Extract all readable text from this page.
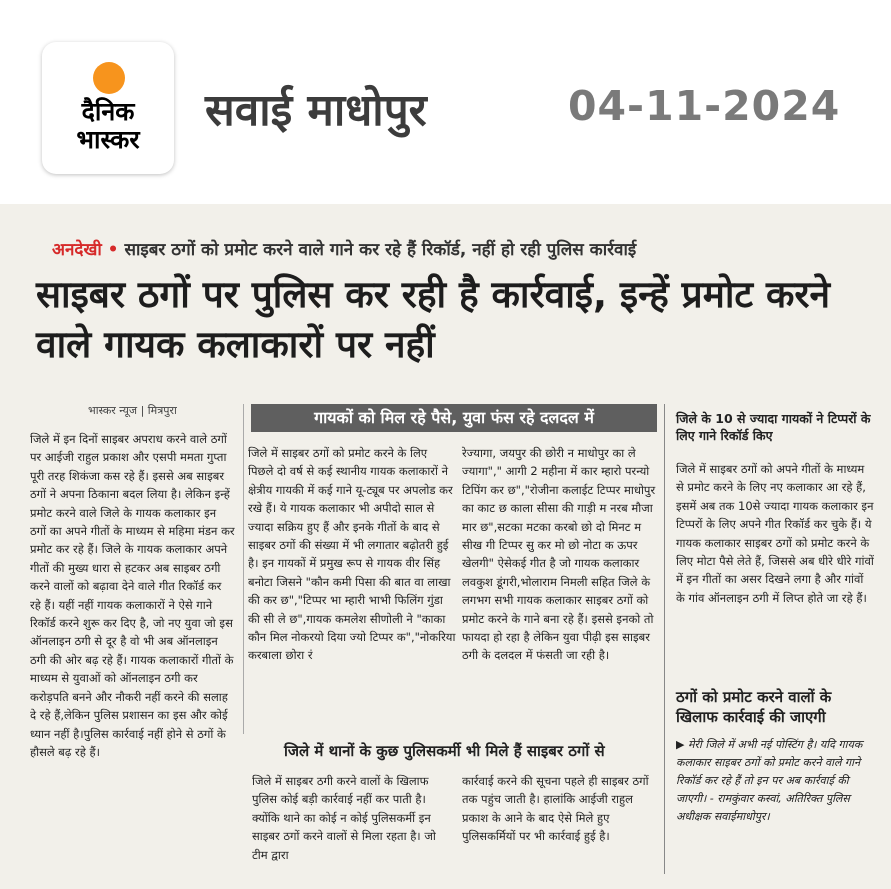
दैनिक
भास्कर
सवाई माधोपुर	04-11-2024
अनदेखी • साइबर ठगों को प्रमोट करने वाले गाने कर रहे हैं रिकॉर्ड, नहीं हो रही पुलिस कार्रवाई
साइबर ठगों पर पुलिस कर रही है कार्रवाई, इन्हें प्रमोट करने वाले गायक कलाकारों पर नहीं
भास्कर न्यूज | मित्रपुरा
जिले में इन दिनों साइबर अपराध करने वाले ठगों पर आईजी राहुल प्रकाश और एसपी ममता गुप्ता पूरी तरह शिकंजा कस रहे हैं। इससे अब साइबर ठगों ने अपना ठिकाना बदल लिया है। लेकिन इन्हें प्रमोट करने वाले जिले के गायक कलाकार इन ठगों का अपने गीतों के माध्यम से महिमा मंडन कर प्रमोट कर रहे हैं। जिले के गायक कलाकार अपने गीतों की मुख्य धारा से हटकर अब साइबर ठगी करने वालों को बढ़ावा देने वाले गीत रिकॉर्ड कर रहे हैं। यहीं नहीं गायक कलाकारों ने ऐसे गाने रिकॉर्ड करने शुरू कर दिए है, जो नए युवा जो इस ऑनलाइन ठगी से दूर है वो भी अब ऑनलाइन ठगी की ओर बढ़ रहे हैं। गायक कलाकारों गीतों के माध्यम से युवाओं को ऑनलाइन ठगी कर करोड़पति बनने और नौकरी नहीं करने की सलाह दे रहे हैं,लेकिन पुलिस प्रशासन का इस और कोई ध्यान नहीं है।पुलिस कार्रवाई नहीं होने से ठगों के हौसले बढ़ रहे हैं।
गायकों को मिल रहे पैसे, युवा फंस रहे दलदल में
जिले में साइबर ठगों को प्रमोट करने के लिए पिछले दो वर्ष से कई स्थानीय गायक कलाकारों ने क्षेत्रीय गायकी में कई गाने यू-ट्यूब पर अपलोड कर रखे हैं। ये गायक कलाकार भी अपीदो साल से ज्यादा सक्रिय हुए हैं और इनके गीतों के बाद से साइबर ठगों की संख्या में भी लगातार बढ़ोतरी हुई है। इन गायकों में प्रमुख रूप से गायक वीर सिंह बनोटा जिसने "कौन कमी पिसा की बात वा लाखा की कर छ","टिप्पर भा म्हारी भाभी फिलिंग गुंडा की सी ले छ",गायक कमलेश सीणोली ने "काका कौन मिल नोकरयो दिया ज्यो टिप्पर क","नोकरिया करबाला छोरा रं
रेज्यागा, जयपुर की छोरी न माधोपुर का ले ज्यागा"," आगी 2 महीना में कार म्हारो परन्यो टिपिंग कर छ","रोजीना कलाईट टिप्पर माधोपुर का काट छ काला सीसा की गाड़ी म नरब मौजा मार छ",सटका मटका करबो छो दो मिनट म सीख गी टिप्पर सु कर मो छो नोटा क ऊपर खेलगी" ऐसेकई गीत है जो गायक कलाकार लवकुश डूंगरी,भोलाराम निमली सहित जिले के लगभग सभी गायक कलाकार साइबर ठगों को प्रमोट करने के गाने बना रहे हैं। इससे इनको तो फायदा हो रहा है लेकिन युवा पीढ़ी इस साइबर ठगी के दलदल में फंसती जा रही है।
जिले के 10 से ज्यादा गायकों ने टिप्परों के लिए गाने रिकॉर्ड किए
जिले में साइबर ठगों को अपने गीतों के माध्यम से प्रमोट करने के लिए नए कलाकार आ रहे हैं, इसमें अब तक 10से ज्यादा गायक कलाकार इन टिप्परों के लिए अपने गीत रिकॉर्ड कर चुके हैं। ये गायक कलाकार साइबर ठगों को प्रमोट करने के लिए मोटा पैसे लेते हैं, जिससे अब धीरे धीरे गांवों में इन गीतों का असर दिखने लगा है और गांवों के गांव ऑनलाइन ठगी में लिप्त होते जा रहे हैं।
ठगों को प्रमोट करने वालों के खिलाफ कार्रवाई की जाएगी
▶ मेरी जिले में अभी नई पोस्टिंग है। यदि गायक कलाकार साइबर ठगों को प्रमोट करने वाले गाने रिकॉर्ड कर रहे हैं तो इन पर अब कार्रवाई की जाएगी। - रामकुंवार कस्वां, अतिरिक्त पुलिस अधीक्षक सवाईमाधोपुर।
जिले में थानों के कुछ पुलिसकर्मी भी मिले हैं साइबर ठगों से
जिले में साइबर ठगी करने वालों के खिलाफ पुलिस कोई बड़ी कार्रवाई नहीं कर पाती है। क्योंकि थाने का कोई न कोई पुलिसकर्मी इन साइबर ठगों करने वालों से मिला रहता है। जो टीम द्वारा
कार्रवाई करने की सूचना पहले ही साइबर ठगों तक पहुंच जाती है। हालांकि आईजी राहुल प्रकाश के आने के बाद ऐसे मिले हुए पुलिसकर्मियों पर भी कार्रवाई हुई है।
